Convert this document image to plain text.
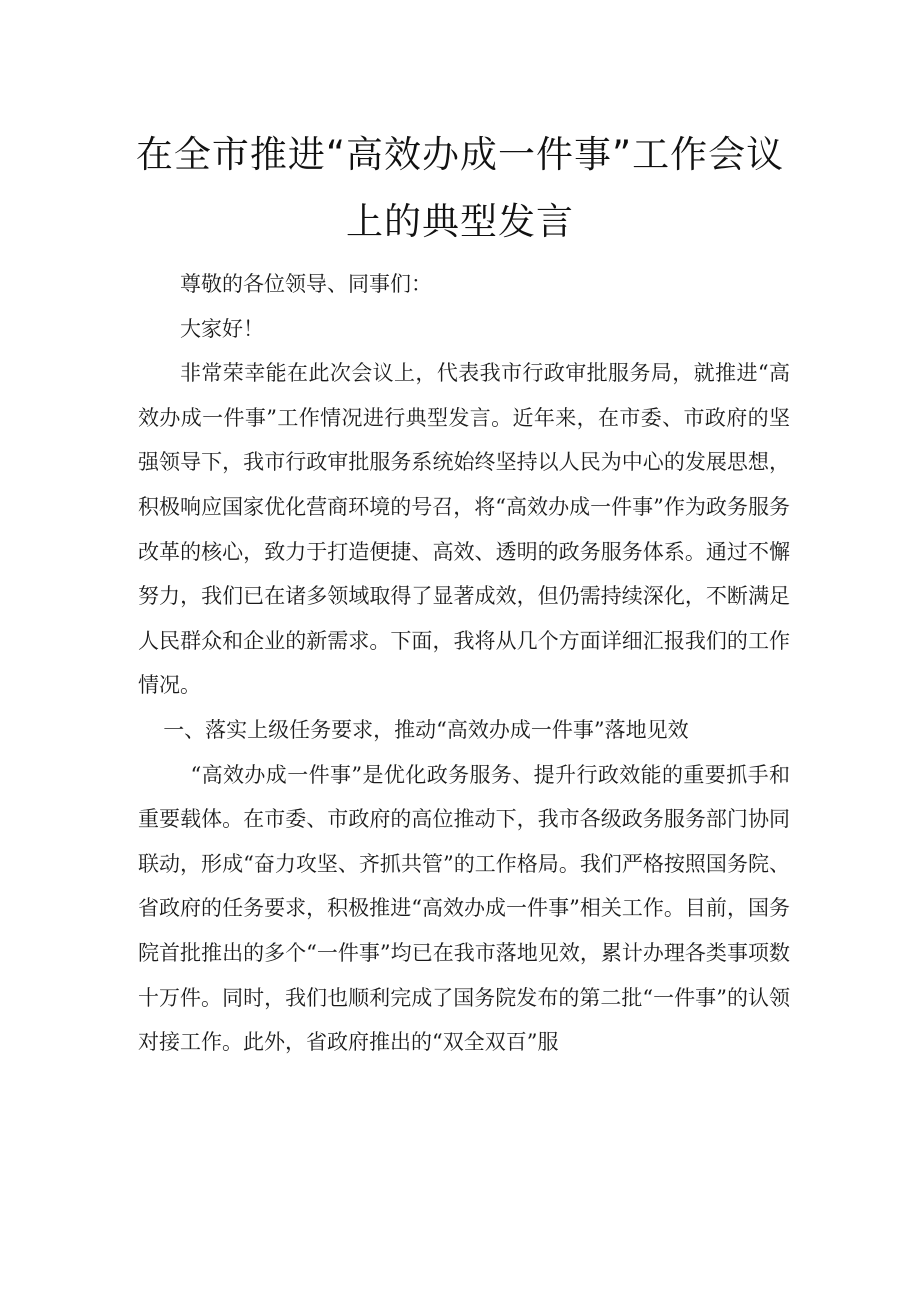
在全市推进“高效办成一件事”工作会议
上的典型发言

尊敬的各位领导、同事们：

大家好！

非常荣幸能在此次会议上，代表我市行政审批服务局，就推进“高效办成一件事”工作情况进行典型发言。近年来，在市委、市政府的坚强领导下，我市行政审批服务系统始终坚持以人民为中心的发展思想，积极响应国家优化营商环境的号召，将“高效办成一件事”作为政务服务改革的核心，致力于打造便捷、高效、透明的政务服务体系。通过不懈努力，我们已在诸多领域取得了显著成效，但仍需持续深化，不断满足人民群众和企业的新需求。下面，我将从几个方面详细汇报我们的工作情况。

一、落实上级任务要求，推动“高效办成一件事”落地见效

“高效办成一件事”是优化政务服务、提升行政效能的重要抓手和重要载体。在市委、市政府的高位推动下，我市各级政务服务部门协同联动，形成“奋力攻坚、齐抓共管”的工作格局。我们严格按照国务院、省政府的任务要求，积极推进“高效办成一件事”相关工作。目前，国务院首批推出的多个“一件事”均已在我市落地见效，累计办理各类事项数十万件。同时，我们也顺利完成了国务院发布的第二批“一件事”的认领对接工作。此外，省政府推出的“双全双百”服
